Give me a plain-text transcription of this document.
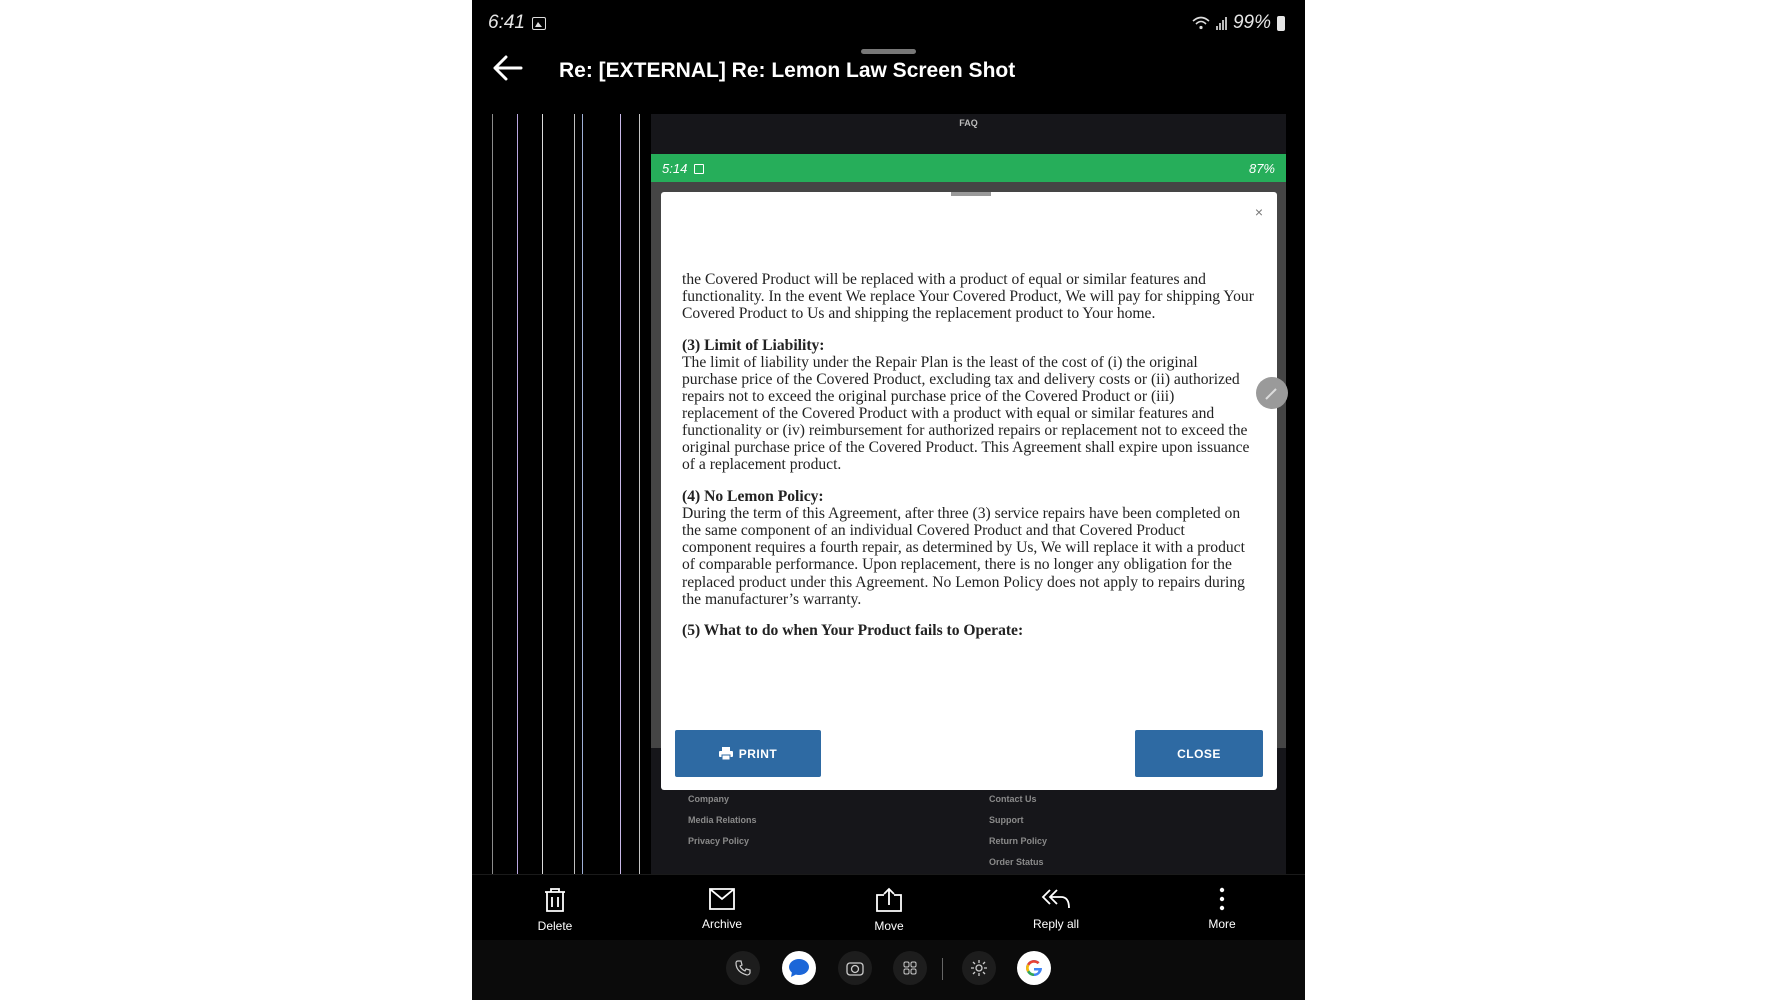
6:41	99%
Re: [EXTERNAL] Re: Lemon Law Screen Shot
FAQ
5:14	87%
Company
Media Relations
Privacy Policy
Contact Us
Support
Return Policy
Order Status
Delete	Archive	Move	Reply all	More
×

the Covered Product will be replaced with a product of equal or similar features and functionality. In the event We replace Your Covered Product, We will pay for shipping Your Covered Product to Us and shipping the replacement product to Your home.

(3) Limit of Liability:
The limit of liability under the Repair Plan is the least of the cost of (i) the original purchase price of the Covered Product, excluding tax and delivery costs or (ii) authorized repairs not to exceed the original purchase price of the Covered Product or (iii) replacement of the Covered Product with a product with equal or similar features and functionality or (iv) reimbursement for authorized repairs or replacement not to exceed the original purchase price of the Covered Product. This Agreement shall expire upon issuance of a replacement product.

(4) No Lemon Policy:
During the term of this Agreement, after three (3) service repairs have been completed on the same component of an individual Covered Product and that Covered Product component requires a fourth repair, as determined by Us, We will replace it with a product of comparable performance. Upon replacement, there is no longer any obligation for the replaced product under this Agreement. No Lemon Policy does not apply to repairs during the manufacturer’s warranty.

(5) What to do when Your Product fails to Operate:

PRINT	CLOSE
